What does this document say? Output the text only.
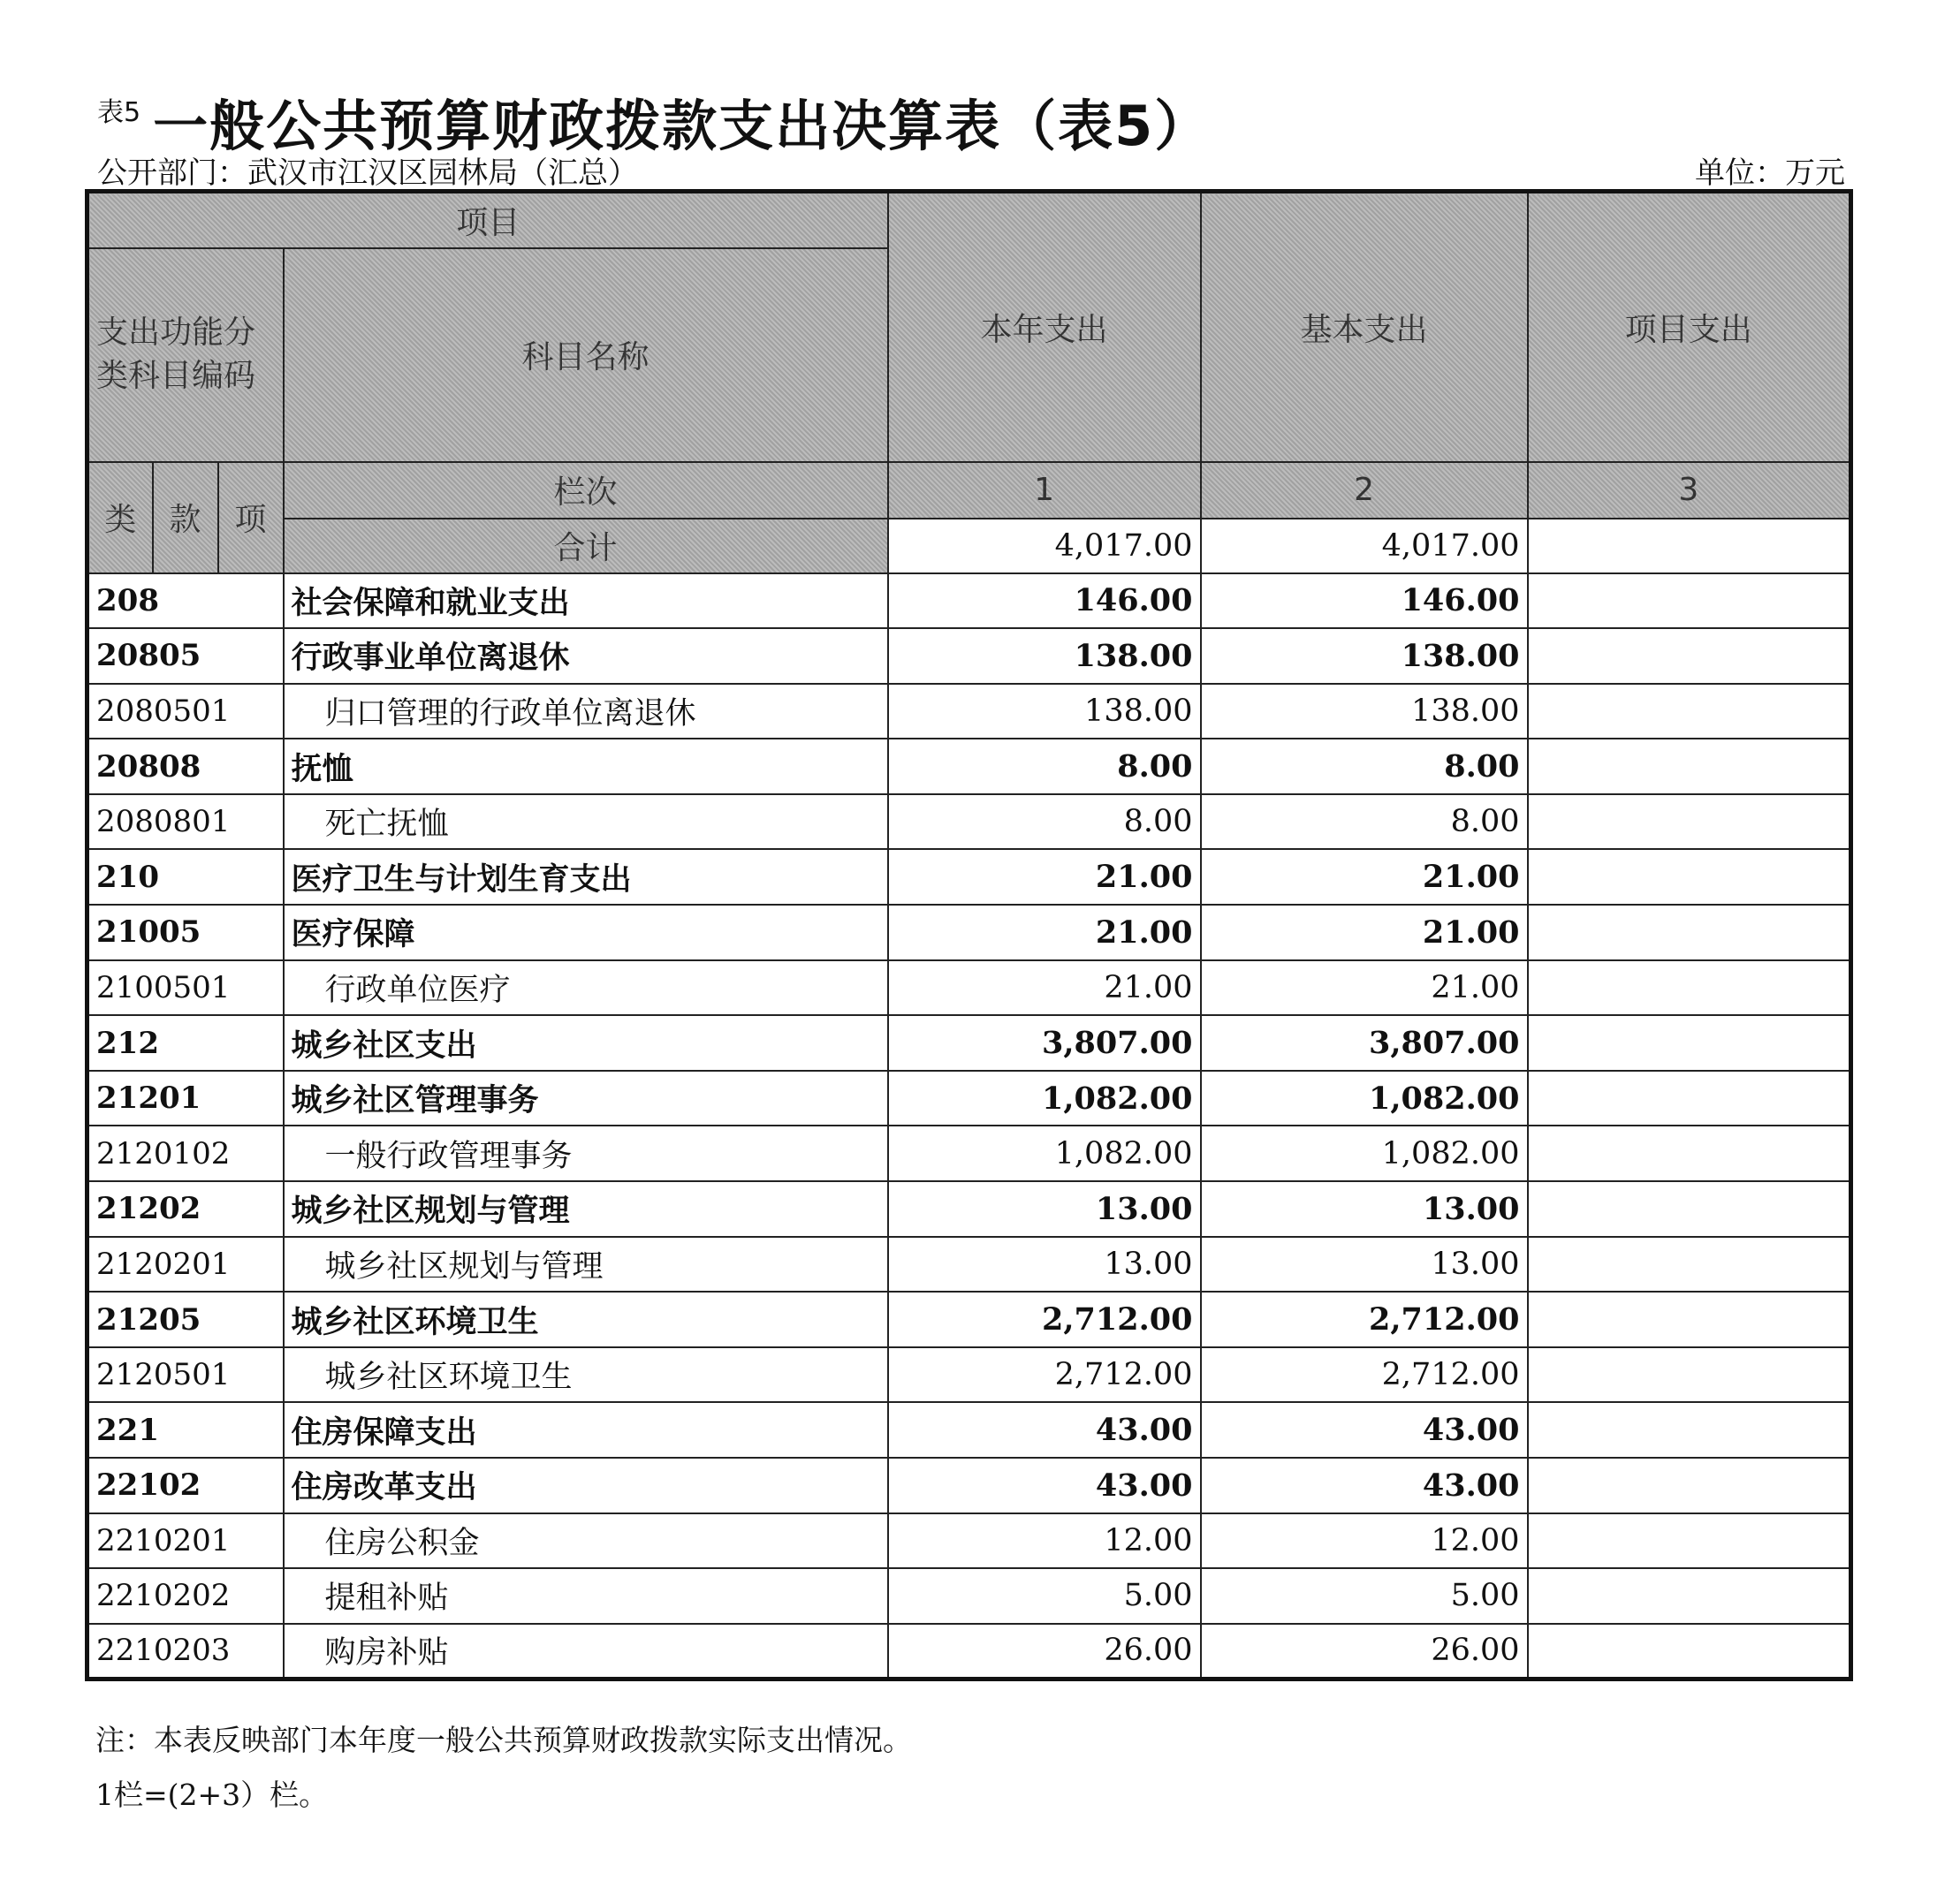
表5 一般公共预算财政拨款支出决算表（表5）
公开部门：武汉市江汉区园林局（汇总）	单位：万元
项目				本年支出	基本支出	项目支出
支出功能分类科目编码			科目名称			
类	款	项	栏次	1	2	3
			合计	4,017.00	4,017.00	
208			社会保障和就业支出	146.00	146.00	
20805			行政事业单位离退休	138.00	138.00	
2080501			归口管理的行政单位离退休	138.00	138.00	
20808			抚恤	8.00	8.00	
2080801			死亡抚恤	8.00	8.00	
210			医疗卫生与计划生育支出	21.00	21.00	
21005			医疗保障	21.00	21.00	
2100501			行政单位医疗	21.00	21.00	
212			城乡社区支出	3,807.00	3,807.00	
21201			城乡社区管理事务	1,082.00	1,082.00	
2120102			一般行政管理事务	1,082.00	1,082.00	
21202			城乡社区规划与管理	13.00	13.00	
2120201			城乡社区规划与管理	13.00	13.00	
21205			城乡社区环境卫生	2,712.00	2,712.00	
2120501			城乡社区环境卫生	2,712.00	2,712.00	
221			住房保障支出	43.00	43.00	
22102			住房改革支出	43.00	43.00	
2210201			住房公积金	12.00	12.00	
2210202			提租补贴	5.00	5.00	
2210203			购房补贴	26.00	26.00	
注：本表反映部门本年度一般公共预算财政拨款实际支出情况。
1栏=(2+3）栏。
